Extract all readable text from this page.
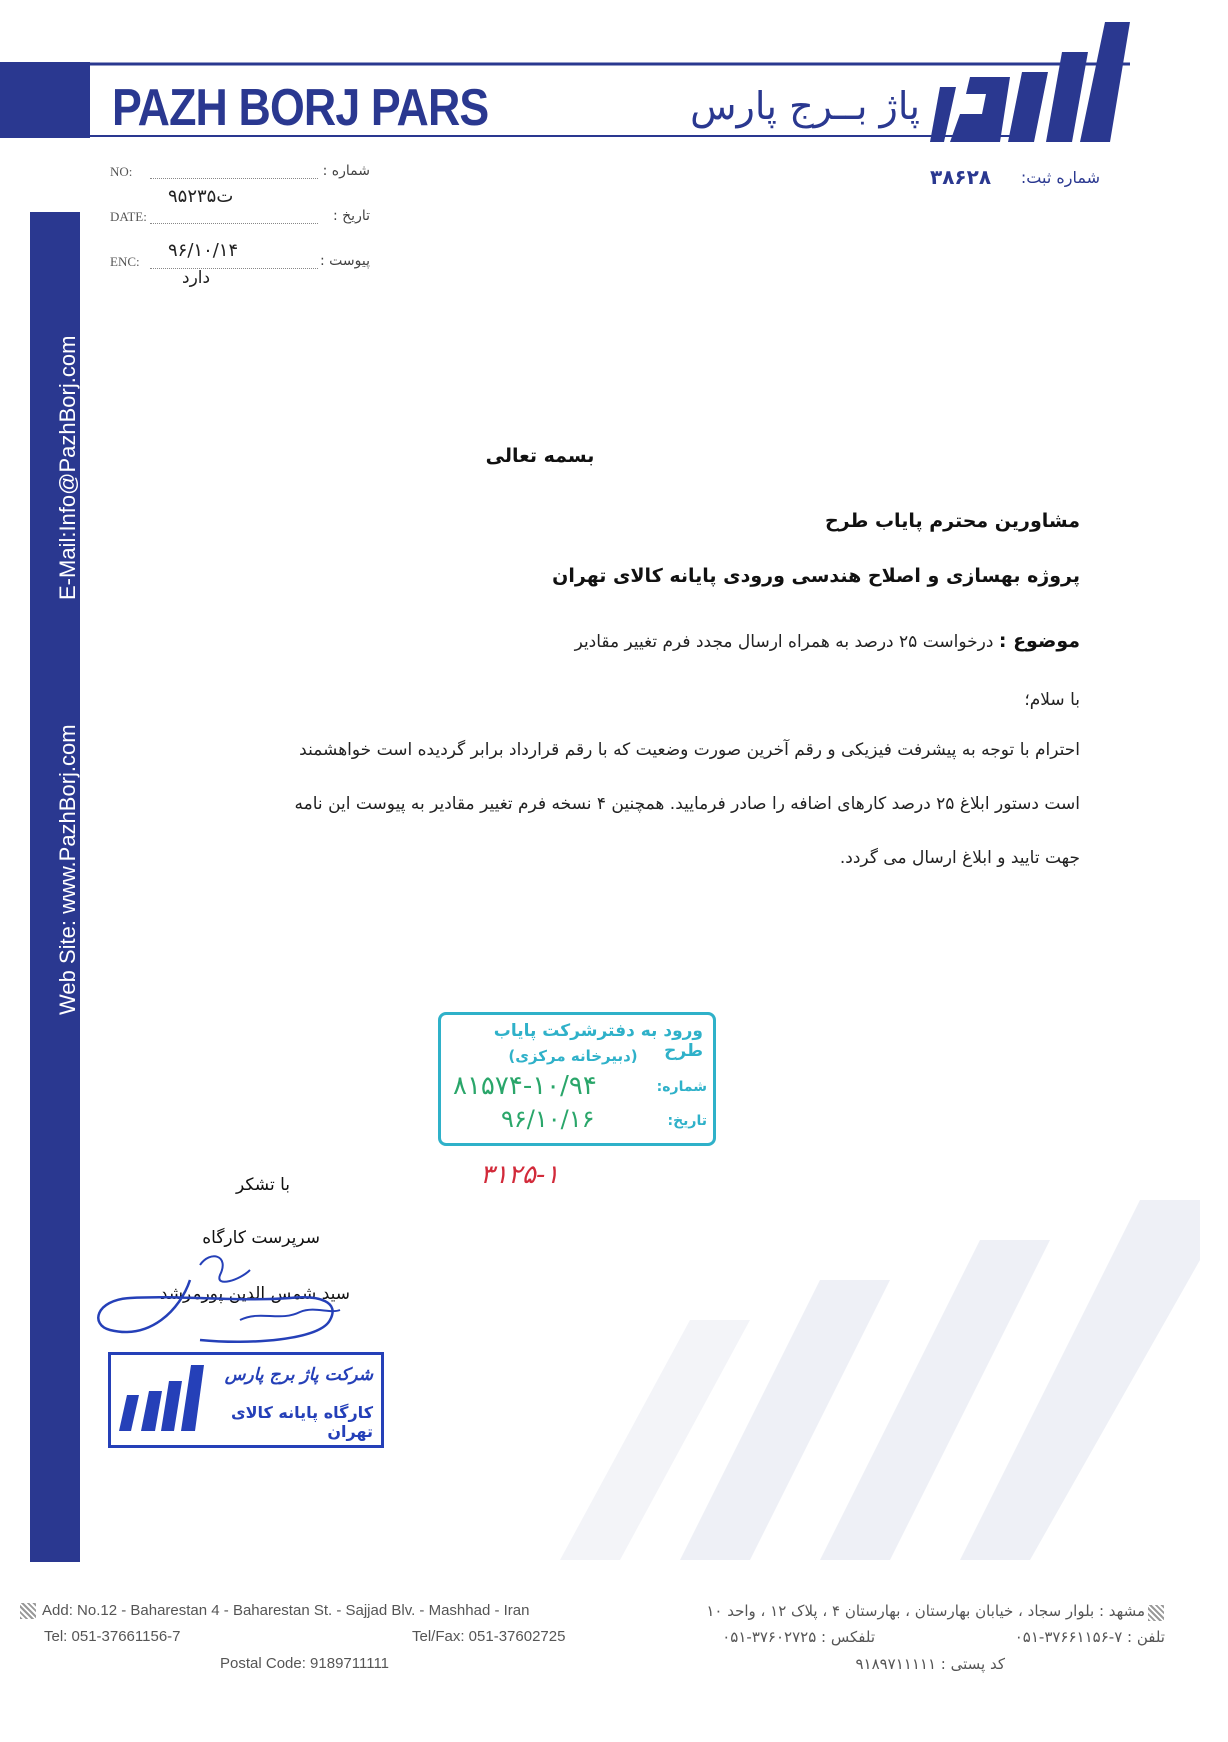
PAZH BORJ PARS	پاژ بــرج پارس
شماره ثبت:
۳۸۶۲۸
NO:	شماره :
۹۵ت۲۳۵
DATE:	تاریخ :
۹۶/۱۰/۱۴
ENC:	پیوست :
دارد
E-Mail:Info@PazhBorj.com
Web Site: www.PazhBorj.com
بسمه تعالی
مشاورین محترم پایاب طرح
پروژه بهسازی و اصلاح هندسی ورودی پایانه کالای تهران
موضوع : درخواست ۲۵ درصد به همراه ارسال مجدد فرم تغییر مقادیر
با سلام؛
احترام با توجه به پیشرفت فیزیکی و رقم آخرین صورت وضعیت که با رقم قرارداد برابر گردیده است خواهشمند
است دستور ابلاغ ۲۵ درصد کارهای اضافه را صادر فرمایید. همچنین ۴ نسخه فرم تغییر مقادیر به پیوست این نامه
جهت تایید و ابلاغ ارسال می گردد.
ورود به دفترشرکت پایاب طرح
(دبیرخانه مرکزی)
شماره:
۸۱۵۷۴-۱۰/۹۴
تاریخ:
۹۶/۱۰/۱۶
۳۱۲۵-۱
با تشکر
سرپرست کارگاه
سید شمس الدین پورمرشد
شرکت پاژ برج پارس
کارگاه پایانه کالای تهران
Add: No.12 - Baharestan 4 - Baharestan St. - Sajjad Blv. - Mashhad - Iran
Tel: 051-37661156-7	Tel/Fax: 051-37602725
Postal Code: 9189711111
مشهد : بلوار سجاد ، خیابان بهارستان ، بهارستان ۴ ، پلاک ۱۲ ، واحد ۱۰
تلفن : ۷-۳۷۶۶۱۱۵۶-۰۵۱
تلفکس : ۳۷۶۰۲۷۲۵-۰۵۱
کد پستی : ۹۱۸۹۷۱۱۱۱۱
